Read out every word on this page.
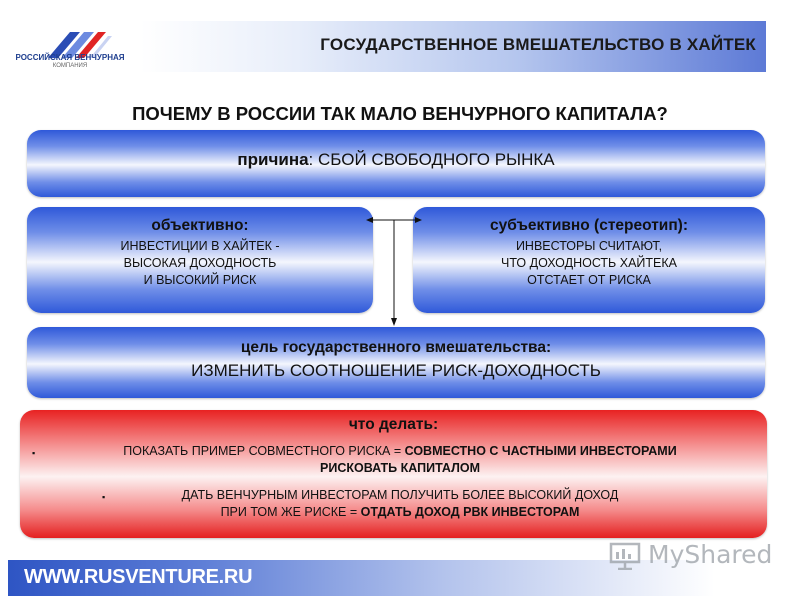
РОССИЙСКАЯ ВЕНЧУРНАЯ
КОМПАНИЯ
ГОСУДАРСТВЕННОЕ ВМЕШАТЕЛЬСТВО В ХАЙТЕК
ПОЧЕМУ В РОССИИ ТАК МАЛО ВЕНЧУРНОГО КАПИТАЛА?
причина: СБОЙ СВОБОДНОГО РЫНКА
объективно:
ИНВЕСТИЦИИ В ХАЙТЕК -
ВЫСОКАЯ ДОХОДНОСТЬ
И ВЫСОКИЙ РИСК
субъективно (стереотип):
ИНВЕСТОРЫ СЧИТАЮТ,
ЧТО ДОХОДНОСТЬ ХАЙТЕКА
ОТСТАЕТ ОТ РИСКА
цель государственного вмешательства:
ИЗМЕНИТЬ СООТНОШЕНИЕ РИСК-ДОХОДНОСТЬ
что делать:
▪	ПОКАЗАТЬ ПРИМЕР СОВМЕСТНОГО РИСКА = СОВМЕСТНО С ЧАСТНЫМИ ИНВЕСТОРАМИ
РИСКОВАТЬ КАПИТАЛОМ
▪	ДАТЬ ВЕНЧУРНЫМ ИНВЕСТОРАМ ПОЛУЧИТЬ БОЛЕЕ ВЫСОКИЙ ДОХОД
ПРИ ТОМ ЖЕ РИСКЕ = ОТДАТЬ ДОХОД РВК ИНВЕСТОРАМ
WWW.RUSVENTURE.RU
MyShared
